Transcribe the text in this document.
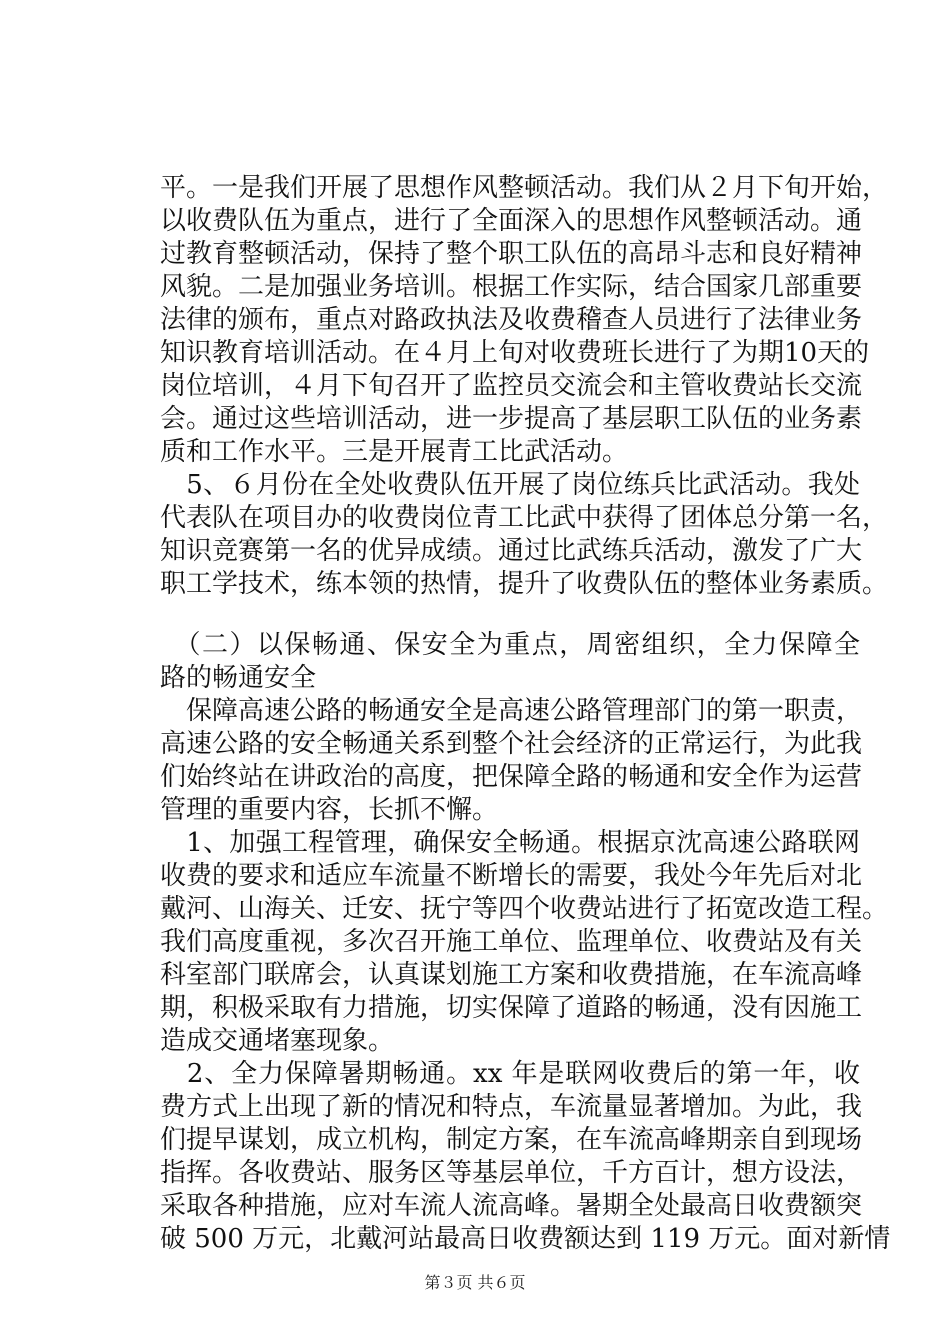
平。一是我们开展了思想作风整顿活动。我们从２月下旬开始，
以收费队伍为重点，进行了全面深入的思想作风整顿活动。通
过教育整顿活动，保持了整个职工队伍的高昂斗志和良好精神
风貌。二是加强业务培训。根据工作实际，结合国家几部重要
法律的颁布，重点对路政执法及收费稽查人员进行了法律业务
知识教育培训活动。在４月上旬对收费班长进行了为期10天的
岗位培训，４月下旬召开了监控员交流会和主管收费站长交流
会。通过这些培训活动，进一步提高了基层职工队伍的业务素
质和工作水平。三是开展青工比武活动。
　5、６月份在全处收费队伍开展了岗位练兵比武活动。我处
代表队在项目办的收费岗位青工比武中获得了团体总分第一名，
知识竞赛第一名的优异成绩。通过比武练兵活动，激发了广大
职工学技术，练本领的热情，提升了收费队伍的整体业务素质。
　（二）以保畅通、保安全为重点，周密组织，全力保障全
路的畅通安全
　保障高速公路的畅通安全是高速公路管理部门的第一职责，
高速公路的安全畅通关系到整个社会经济的正常运行，为此我
们始终站在讲政治的高度，把保障全路的畅通和安全作为运营
管理的重要内容，长抓不懈。
　1、加强工程管理，确保安全畅通。根据京沈高速公路联网
收费的要求和适应车流量不断增长的需要，我处今年先后对北
戴河、山海关、迁安、抚宁等四个收费站进行了拓宽改造工程。
我们高度重视，多次召开施工单位、监理单位、收费站及有关
科室部门联席会，认真谋划施工方案和收费措施，在车流高峰
期，积极采取有力措施，切实保障了道路的畅通，没有因施工
造成交通堵塞现象。
　2、全力保障暑期畅通。xx 年是联网收费后的第一年，收
费方式上出现了新的情况和特点，车流量显著增加。为此，我
们提早谋划，成立机构，制定方案，在车流高峰期亲自到现场
指挥。各收费站、服务区等基层单位，千方百计，想方设法，
采取各种措施，应对车流人流高峰。暑期全处最高日收费额突
破 500 万元，北戴河站最高日收费额达到 119 万元。面对新情
第３页 共６页
